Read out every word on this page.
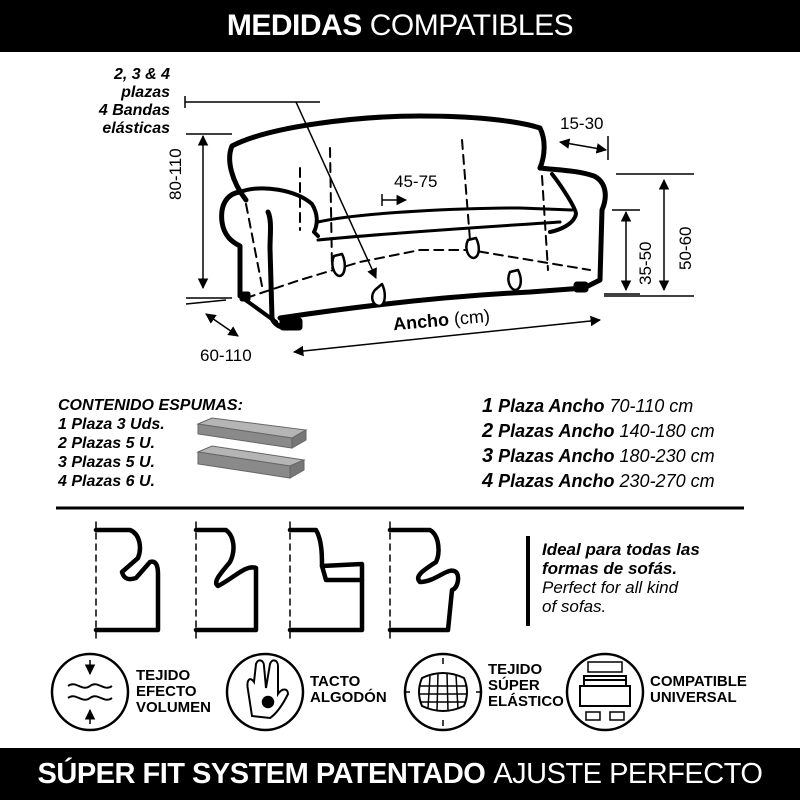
MEDIDAS COMPATIBLES
2, 3 & 4
plazas
4 Bandas
elásticas
80-110
60-110
45-75
15-30
35-50 50-60
Ancho (cm)
CONTENIDO ESPUMAS:
1 Plaza 3 Uds.
2 Plazas 5 U.
3 Plazas 5 U.
4 Plazas 6 U.
1 Plaza Ancho 70-110 cm
2 Plazas Ancho 140-180 cm
3 Plazas Ancho 180-230 cm
4 Plazas Ancho 230-270 cm
Ideal para todas las
formas de sofás.
Perfect for all kind
of sofas.
TEJIDO
EFECTO
VOLUMEN
TACTO
ALGODÓN
TEJIDO
SÚPER
ELÁSTICO
COMPATIBLE
UNIVERSAL
SÚPER FIT SYSTEM PATENTADO AJUSTE PERFECTO
